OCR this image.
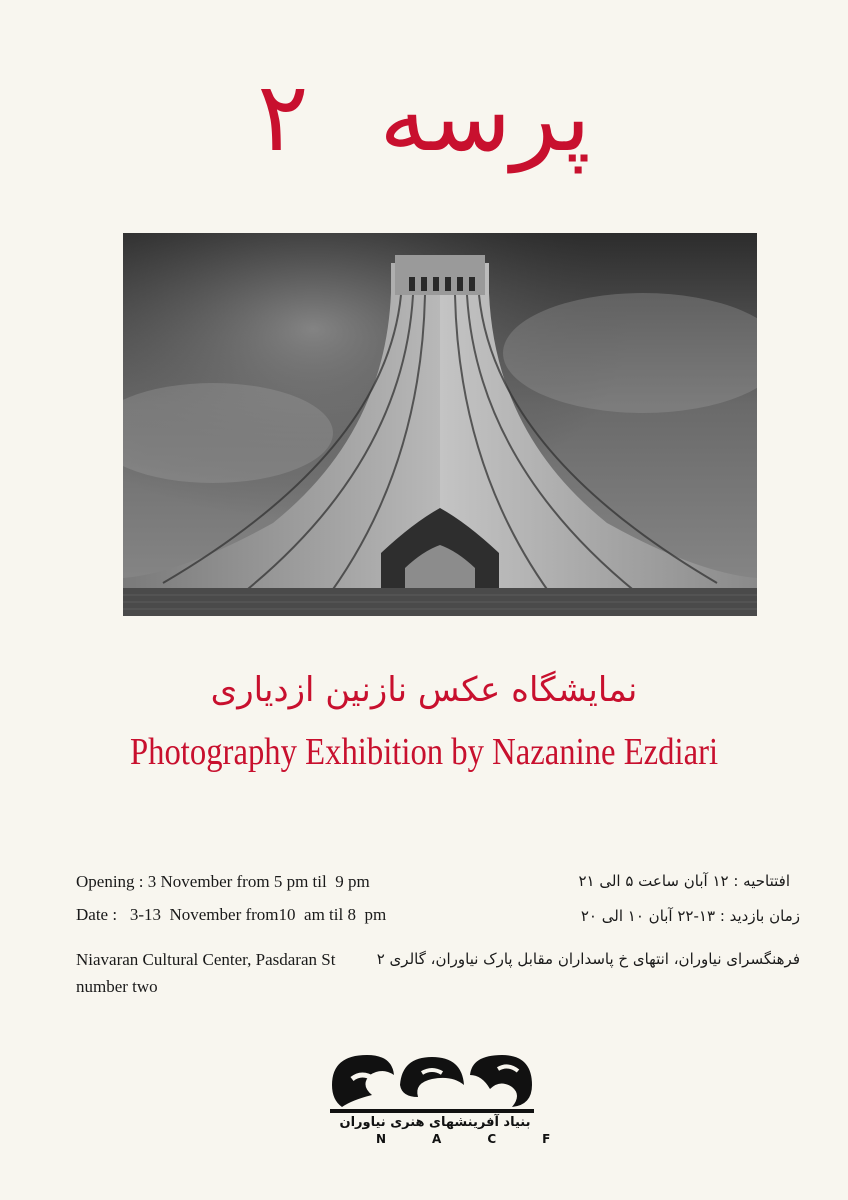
پرسه ۲
نمایشگاه عکس نازنین ازدیاری
Photography Exhibition by Nazanine Ezdiari
Opening : 3 November from 5 pm til  9 pm
Date :   3-13  November from10  am til 8  pm
Niavaran Cultural Center, Pasdaran St
number two
افتتاحیه : ۱۲ آبان ساعت ۵ الی ۲۱
زمان بازدید : ۱۳-۲۲ آبان ۱۰ الی ۲۰
فرهنگسرای نیاوران، انتهای خ پاسداران مقابل پارک نیاوران، گالری ۲
بنیاد آفرینشهای هنری نیاوران
NACF
